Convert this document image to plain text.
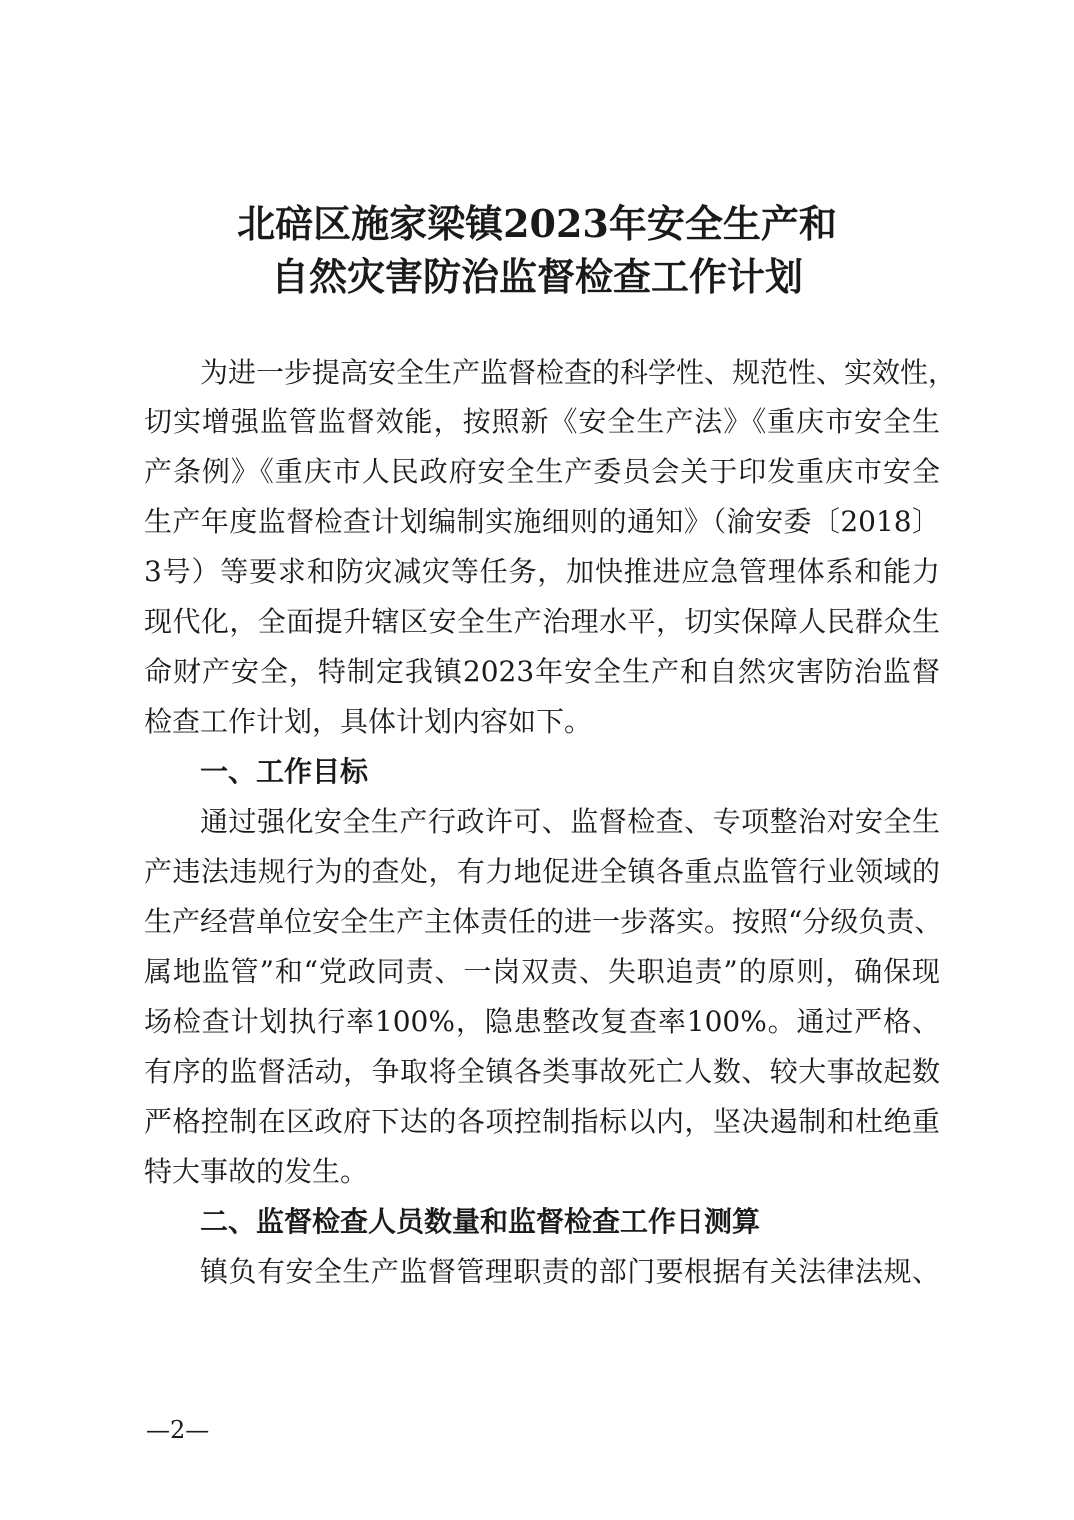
北碚区施家梁镇2023年安全生产和
自然灾害防治监督检查工作计划
为进一步提高安全生产监督检查的科学性、规范性、实效性，
切实增强监管监督效能，按照新《安全生产法》《重庆市安全生
产条例》《重庆市人民政府安全生产委员会关于印发重庆市安全
生产年度监督检查计划编制实施细则的通知》（渝安委〔2018〕
3号）等要求和防灾减灾等任务，加快推进应急管理体系和能力
现代化，全面提升辖区安全生产治理水平，切实保障人民群众生
命财产安全，特制定我镇2023年安全生产和自然灾害防治监督
检查工作计划，具体计划内容如下。
一、工作目标
通过强化安全生产行政许可、监督检查、专项整治对安全生
产违法违规行为的查处，有力地促进全镇各重点监管行业领域的
生产经营单位安全生产主体责任的进一步落实。按照“分级负责、
属地监管”和“党政同责、一岗双责、失职追责”的原则，确保现
场检查计划执行率100%，隐患整改复查率100%。通过严格、
有序的监督活动，争取将全镇各类事故死亡人数、较大事故起数
严格控制在区政府下达的各项控制指标以内，坚决遏制和杜绝重
特大事故的发生。
二、监督检查人员数量和监督检查工作日测算
镇负有安全生产监督管理职责的部门要根据有关法律法规、
—2—
